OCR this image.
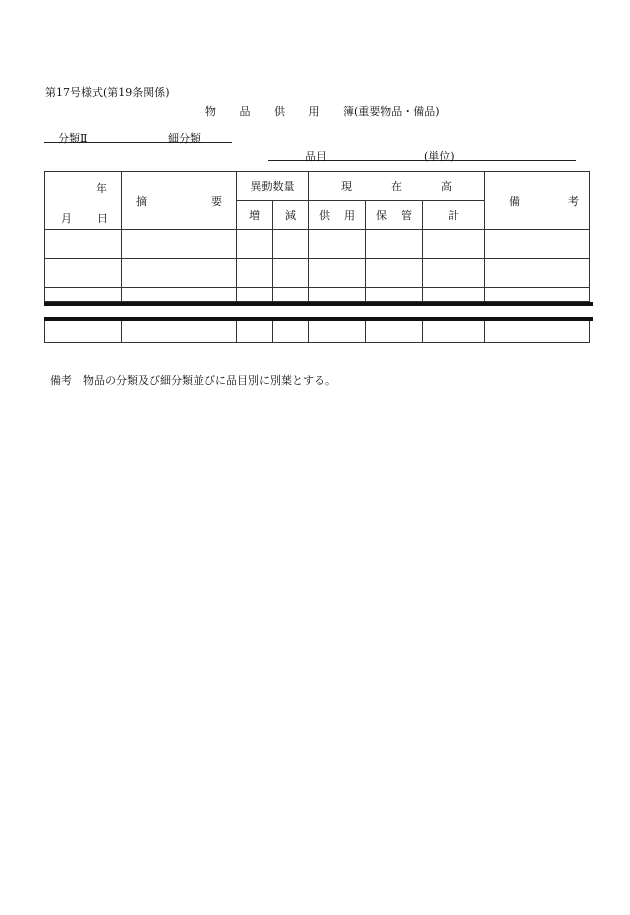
第17号様式(第19条関係)
物 品 供 用 簿(重要物品・備品)
分類Ⅱ	細分類
品目	(単位)
年
月 日	摘 要	異動数量		現 在 高			備 考

		増	減	供 用	保 管	計	

備考　物品の分類及び細分類並びに品目別に別葉とする。
